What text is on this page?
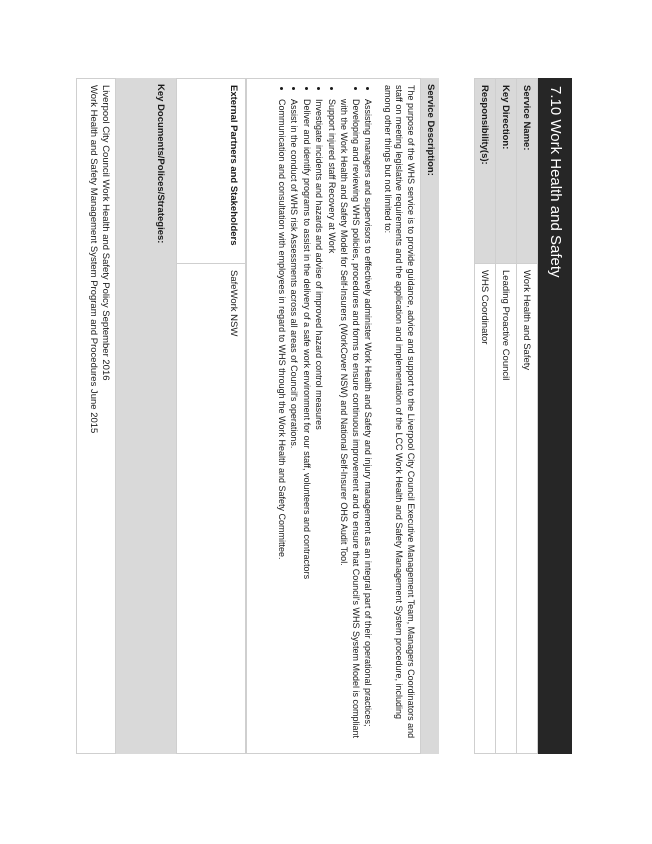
7.10 Work Health and Safety
Service Name:	Work Health and Safety
Key Direction:	Leading Proactive Council
Responsibility(s):	WHS Coordinator
Service Description:

The purpose of the WHS service is to provide guidance, advice and support to the Liverpool City Council Executive Management Team, Managers Coordinators and staff on meeting legislative requirements and the application and implementation of the LCC Work Health and Safety Management System procedure, including among other things but not limited to:

• Assisting managers and supervisors to effectively administer Work Health and Safety and injury management as an integral part of their operational practices;
• Developing and reviewing WHS policies, procedures and forms to ensure continuous improvement and to ensure that Council's WHS System Model is compliant with the Work Health and Safety Model for Self-Insurers (WorkCover NSW) and National Self-Insurer OHS Audit Tool.
• Support injured staff Recovery at Work
• Investigate incidents and hazards and advise of improved hazard control measures
• Deliver and identify programs to assist in the delivery of a safe work environment for our staff, volunteers and contractors
• Assist in the conduct of WHS risk Assessments across all areas of Council's operations.
• Communication and consultation with employees in regard to WHS through the Work Health and Safety Committee.
External Partners and Stakeholders	SafeWork NSW
Key Documents/Polices/Strategies:
Liverpool City Council Work Health and Safety Policy September 2016
Work Health and Safety Management System Program and Procedures June 2015
